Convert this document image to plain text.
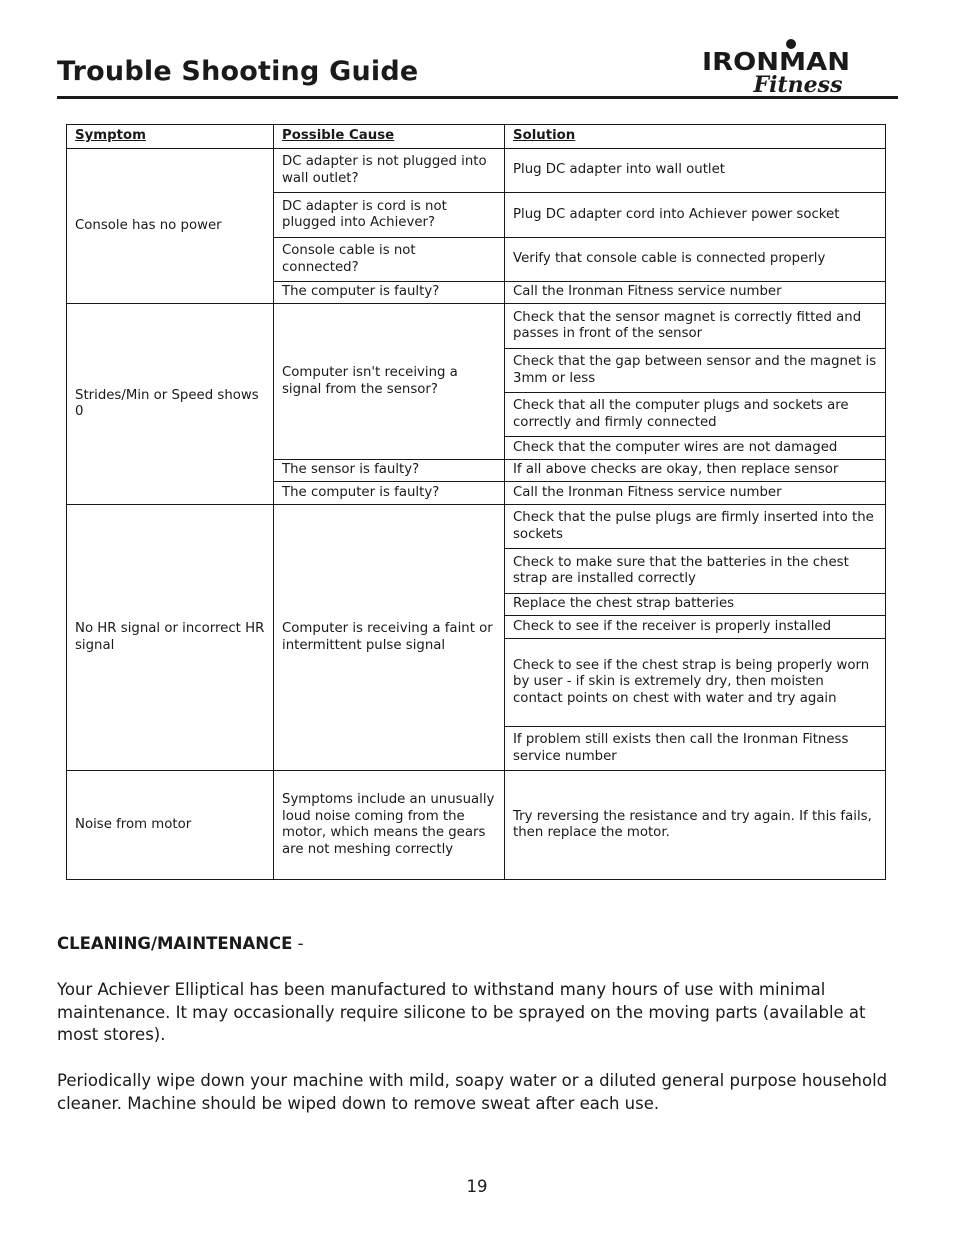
Trouble Shooting Guide	IRONMAN
Fitness
Symptom	Possible Cause	Solution
Console has no power	DC adapter is not plugged into wall outlet?	Plug DC adapter into wall outlet
	DC adapter is cord is not plugged into Achiever?	Plug DC adapter cord into Achiever power socket
	Console cable is not connected?	Verify that console cable is connected properly
	The computer is faulty?	Call the Ironman Fitness service number
Strides/Min or Speed shows 0	Computer isn't receiving a signal from the sensor?	Check that the sensor magnet is correctly fitted and passes in front of the sensor
		Check that the gap between sensor and the magnet is 3mm or less
		Check that all the computer plugs and sockets are correctly and firmly connected
		Check that the computer wires are not damaged
	The sensor is faulty?	If all above checks are okay, then replace sensor
	The computer is faulty?	Call the Ironman Fitness service number
No HR signal or incorrect HR signal	Computer is receiving a faint or intermittent pulse signal	Check that the pulse plugs are firmly inserted into the sockets
		Check to make sure that the batteries in the chest strap are installed correctly
		Replace the chest strap batteries
		Check to see if the receiver is properly installed
		Check to see if the chest strap is being properly worn by user - if skin is extremely dry, then moisten contact points on chest with water and try again
		If problem still exists then call the Ironman Fitness service number
Noise from motor	Symptoms include an unusually loud noise coming from the motor, which means the gears are not meshing correctly	Try reversing the resistance and try again. If this fails, then replace the motor.
CLEANING/MAINTENANCE -

Your Achiever Elliptical has been manufactured to withstand many hours of use with minimal maintenance. It may occasionally require silicone to be sprayed on the moving parts (available at most stores).

Periodically wipe down your machine with mild, soapy water or a diluted general purpose household cleaner. Machine should be wiped down to remove sweat after each use.

19
